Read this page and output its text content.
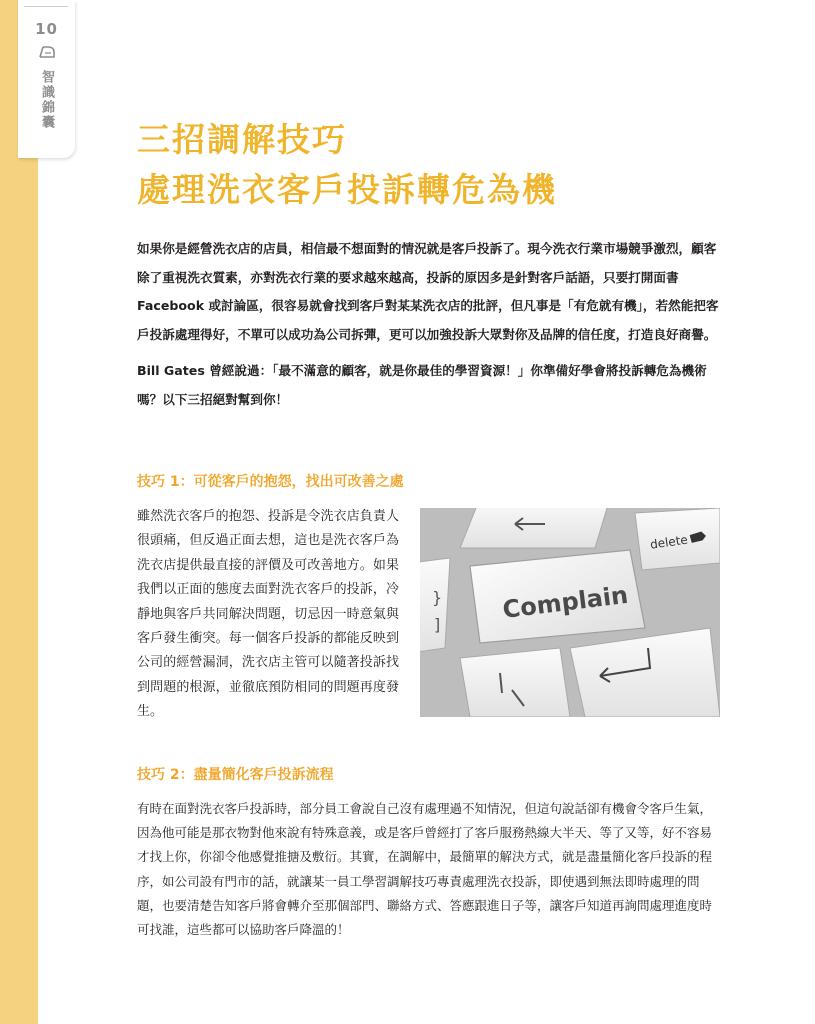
10
智識錦囊
三招調解技巧
處理洗衣客戶投訴轉危為機

如果你是經營洗衣店的店員，相信最不想面對的情況就是客戶投訴了。現今洗衣行業市場競爭激烈，顧客除了重視洗衣質素，亦對洗衣行業的要求越來越高，投訴的原因多是針對客戶話語，只要打開面書 Facebook 或討論區，很容易就會找到客戶對某某洗衣店的批評，但凡事是「有危就有機」，若然能把客戶投訴處理得好，不單可以成功為公司拆彈，更可以加強投訴大眾對你及品牌的信任度，打造良好商譽。

Bill Gates 曾經說過：「最不滿意的顧客，就是你最佳的學習資源！」你準備好學會將投訴轉危為機術嗎？以下三招絕對幫到你！

技巧 1：可從客戶的抱怨，找出可改善之處

雖然洗衣客戶的抱怨、投訴是令洗衣店負責人很頭痛，但反過正面去想，這也是洗衣客戶為洗衣店提供最直接的評價及可改善地方。如果我們以正面的態度去面對洗衣客戶的投訴，冷靜地與客戶共同解決問題，切忌因一時意氣與客戶發生衝突。每一個客戶投訴的都能反映到公司的經營漏洞，洗衣店主管可以隨著投訴找到問題的根源，並徹底預防相同的問題再度發生。

delete
}
]
Complain
技巧 2：盡量簡化客戶投訴流程

有時在面對洗衣客戶投訴時，部分員工會說自己沒有處理過不知情況，但這句說話卻有機會令客戶生氣，因為他可能是那衣物對他來說有特殊意義，或是客戶曾經打了客戶服務熱線大半天、等了又等，好不容易才找上你，你卻令他感覺推搪及敷衍。其實，在調解中，最簡單的解決方式，就是盡量簡化客戶投訴的程序，如公司設有門市的話，就讓某一員工學習調解技巧專責處理洗衣投訴，即使遇到無法即時處理的問題，也要清楚告知客戶將會轉介至那個部門、聯絡方式、答應跟進日子等，讓客戶知道再詢問處理進度時可找誰，這些都可以協助客戶降溫的！
